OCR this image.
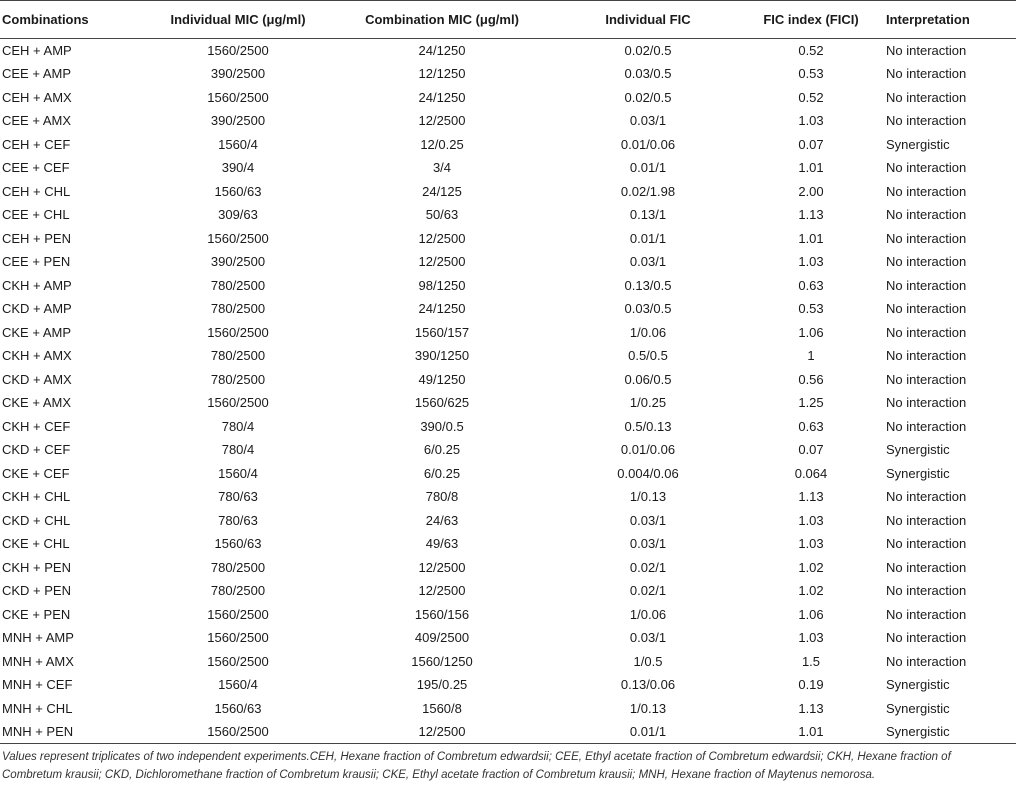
Combinations	Individual MIC (μg/ml)	Combination MIC (μg/ml)	Individual FIC	FIC index (FICI)	Interpretation
CEH + AMP	1560/2500	24/1250	0.02/0.5	0.52	No interaction
CEE + AMP	390/2500	12/1250	0.03/0.5	0.53	No interaction
CEH + AMX	1560/2500	24/1250	0.02/0.5	0.52	No interaction
CEE + AMX	390/2500	12/2500	0.03/1	1.03	No interaction
CEH + CEF	1560/4	12/0.25	0.01/0.06	0.07	Synergistic
CEE + CEF	390/4	3/4	0.01/1	1.01	No interaction
CEH + CHL	1560/63	24/125	0.02/1.98	2.00	No interaction
CEE + CHL	309/63	50/63	0.13/1	1.13	No interaction
CEH + PEN	1560/2500	12/2500	0.01/1	1.01	No interaction
CEE + PEN	390/2500	12/2500	0.03/1	1.03	No interaction
CKH + AMP	780/2500	98/1250	0.13/0.5	0.63	No interaction
CKD + AMP	780/2500	24/1250	0.03/0.5	0.53	No interaction
CKE + AMP	1560/2500	1560/157	1/0.06	1.06	No interaction
CKH + AMX	780/2500	390/1250	0.5/0.5	1	No interaction
CKD + AMX	780/2500	49/1250	0.06/0.5	0.56	No interaction
CKE + AMX	1560/2500	1560/625	1/0.25	1.25	No interaction
CKH + CEF	780/4	390/0.5	0.5/0.13	0.63	No interaction
CKD + CEF	780/4	6/0.25	0.01/0.06	0.07	Synergistic
CKE + CEF	1560/4	6/0.25	0.004/0.06	0.064	Synergistic
CKH + CHL	780/63	780/8	1/0.13	1.13	No interaction
CKD + CHL	780/63	24/63	0.03/1	1.03	No interaction
CKE + CHL	1560/63	49/63	0.03/1	1.03	No interaction
CKH + PEN	780/2500	12/2500	0.02/1	1.02	No interaction
CKD + PEN	780/2500	12/2500	0.02/1	1.02	No interaction
CKE + PEN	1560/2500	1560/156	1/0.06	1.06	No interaction
MNH + AMP	1560/2500	409/2500	0.03/1	1.03	No interaction
MNH + AMX	1560/2500	1560/1250	1/0.5	1.5	No interaction
MNH + CEF	1560/4	195/0.25	0.13/0.06	0.19	Synergistic
MNH + CHL	1560/63	1560/8	1/0.13	1.13	Synergistic
MNH + PEN	1560/2500	12/2500	0.01/1	1.01	Synergistic
Values represent triplicates of two independent experiments.CEH, Hexane fraction of Combretum edwardsii; CEE, Ethyl acetate fraction of Combretum edwardsii; CKH, Hexane fraction of Combretum krausii; CKD, Dichloromethane fraction of Combretum krausii; CKE, Ethyl acetate fraction of Combretum krausii; MNH, Hexane fraction of Maytenus nemorosa.
